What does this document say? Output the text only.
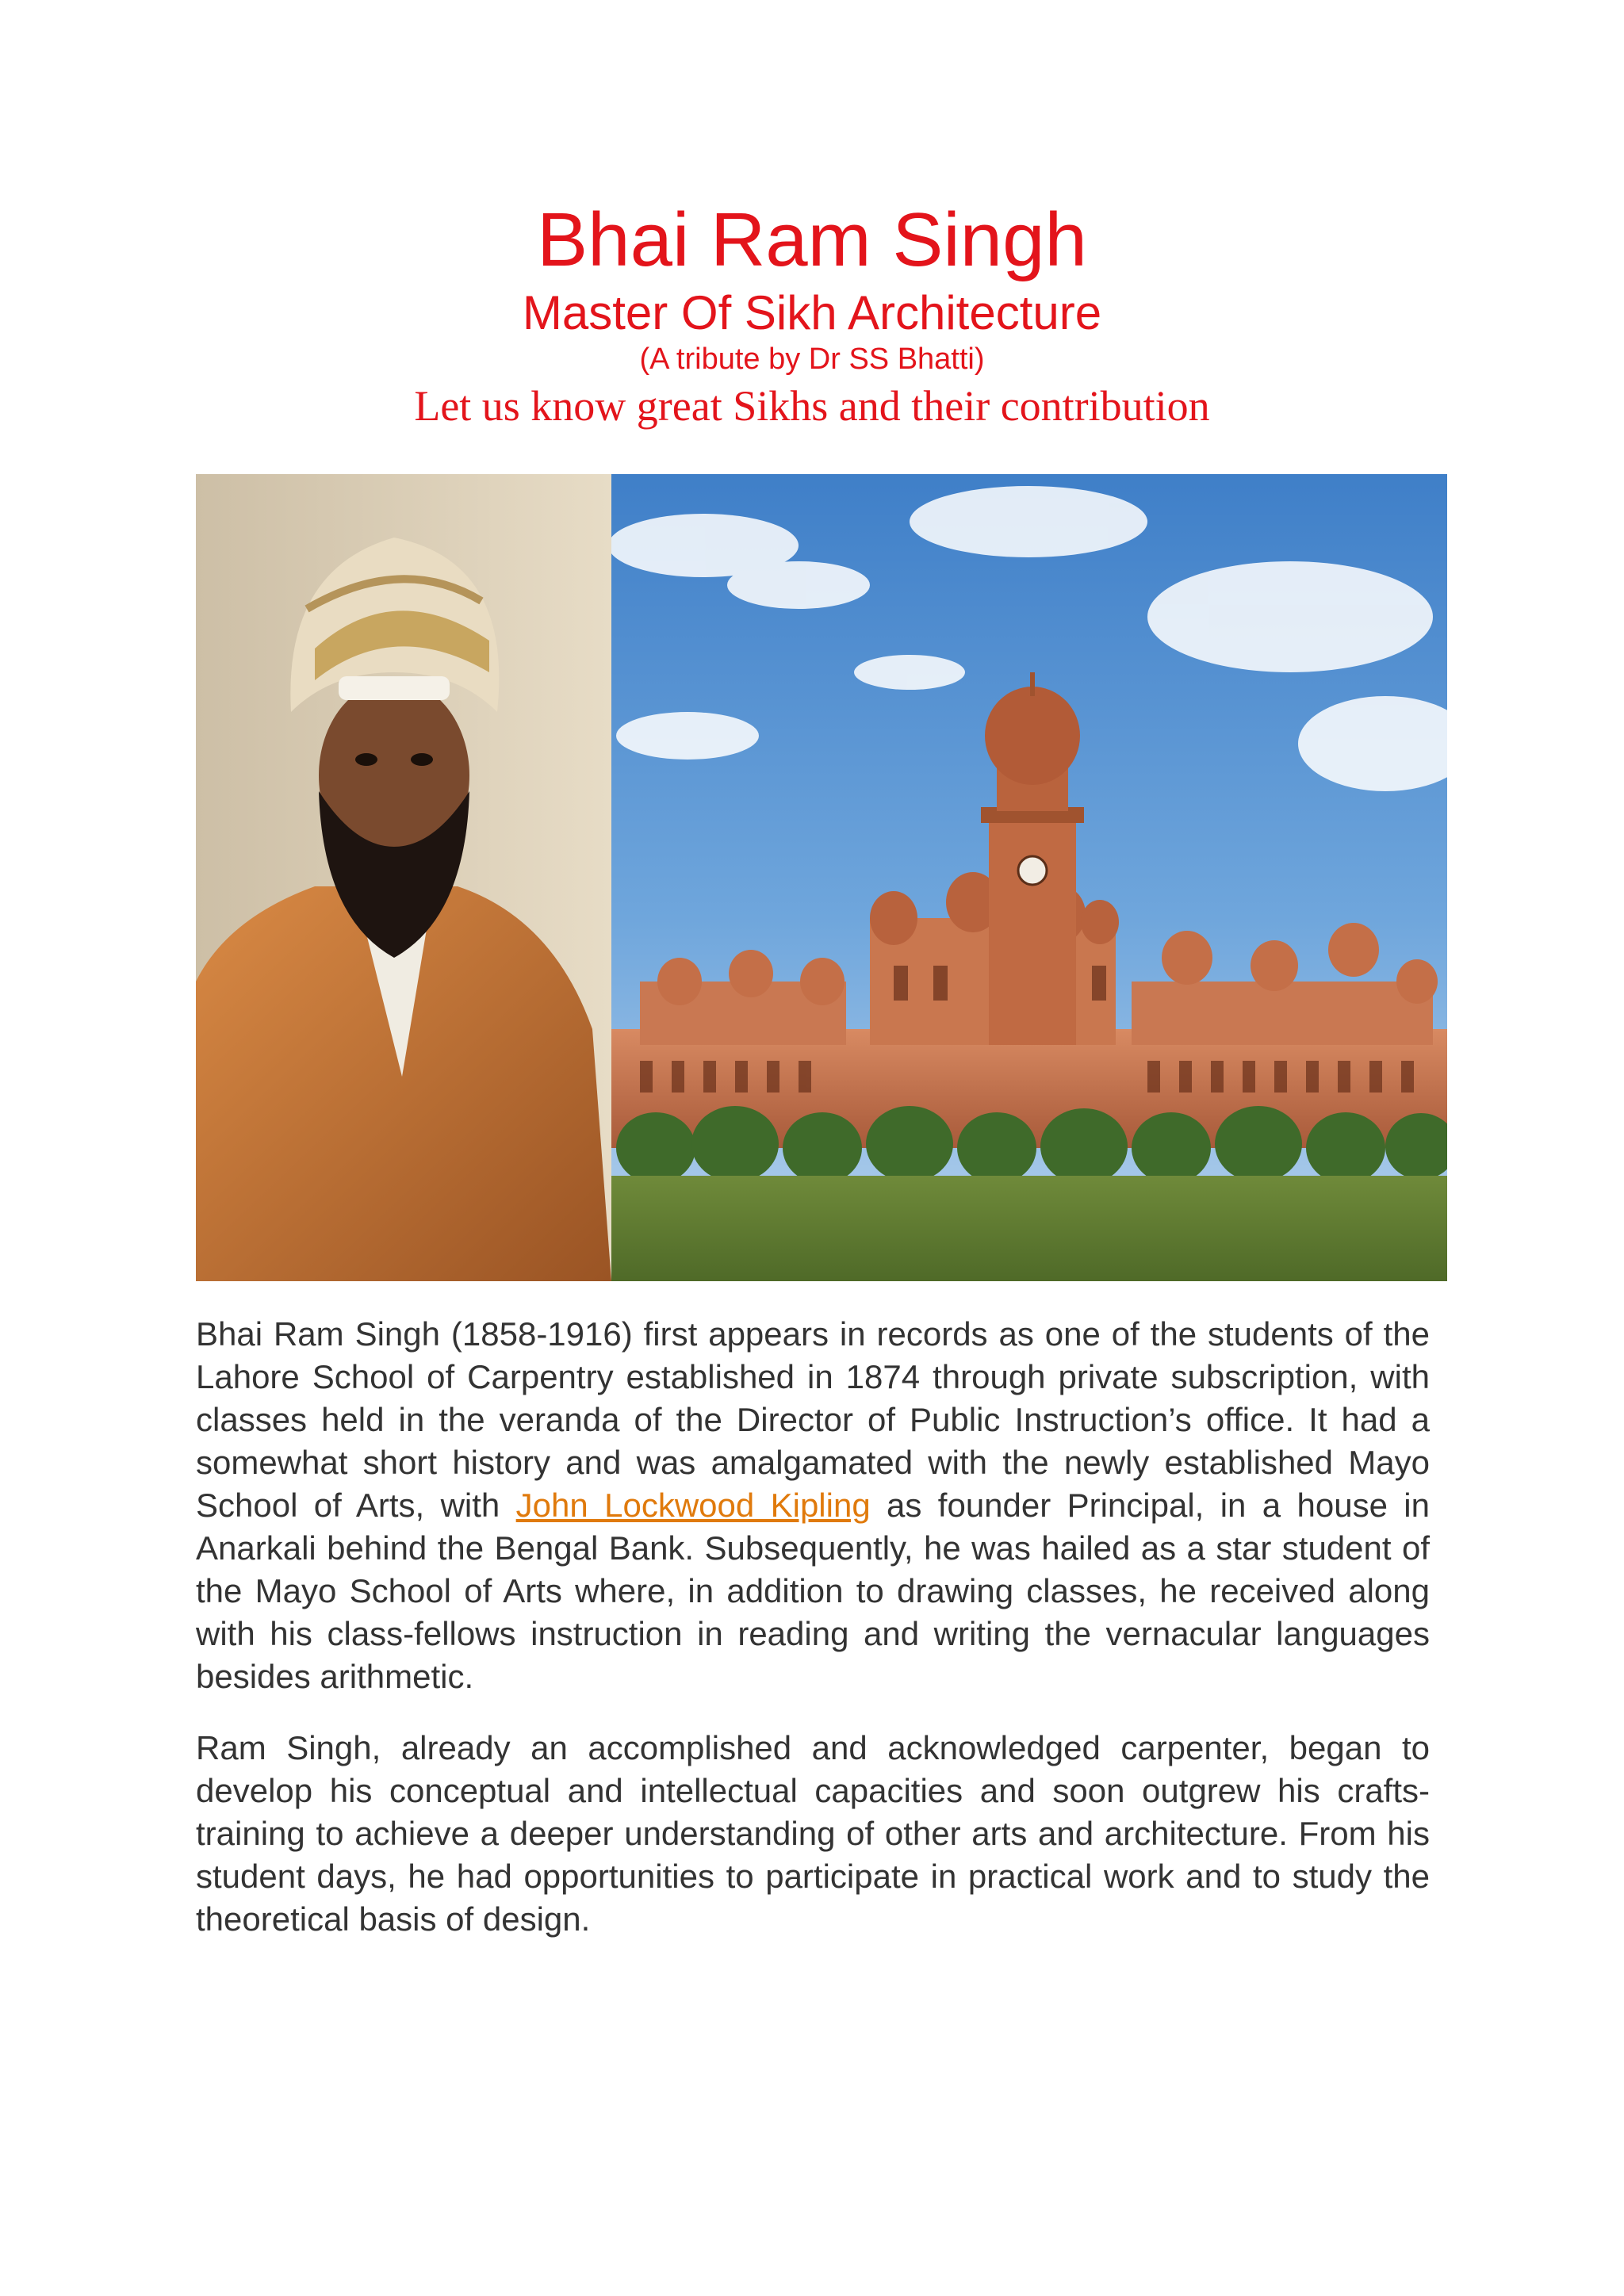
Bhai Ram Singh
Master Of Sikh Architecture
(A tribute by Dr SS Bhatti)
Let us know great Sikhs and their contribution

Bhai Ram Singh (1858-1916) first appears in records as one of the students of the Lahore School of Carpentry established in 1874 through private subscription, with classes held in the veranda of the Director of Public Instruction’s office. It had a somewhat short history and was amalgamated with the newly established Mayo School of Arts, with John Lockwood Kipling as founder Principal, in a house in Anarkali behind the Bengal Bank. Subsequently, he was hailed as a star student of the Mayo School of Arts where, in addition to drawing classes, he received along with his class-fellows instruction in reading and writing the vernacular languages besides arithmetic.

Ram Singh, already an accomplished and acknowledged carpenter, began to develop his conceptual and intellectual capacities and soon outgrew his crafts-training to achieve a deeper understanding of other arts and architecture. From his student days, he had opportunities to participate in practical work and to study the theoretical basis of design.
